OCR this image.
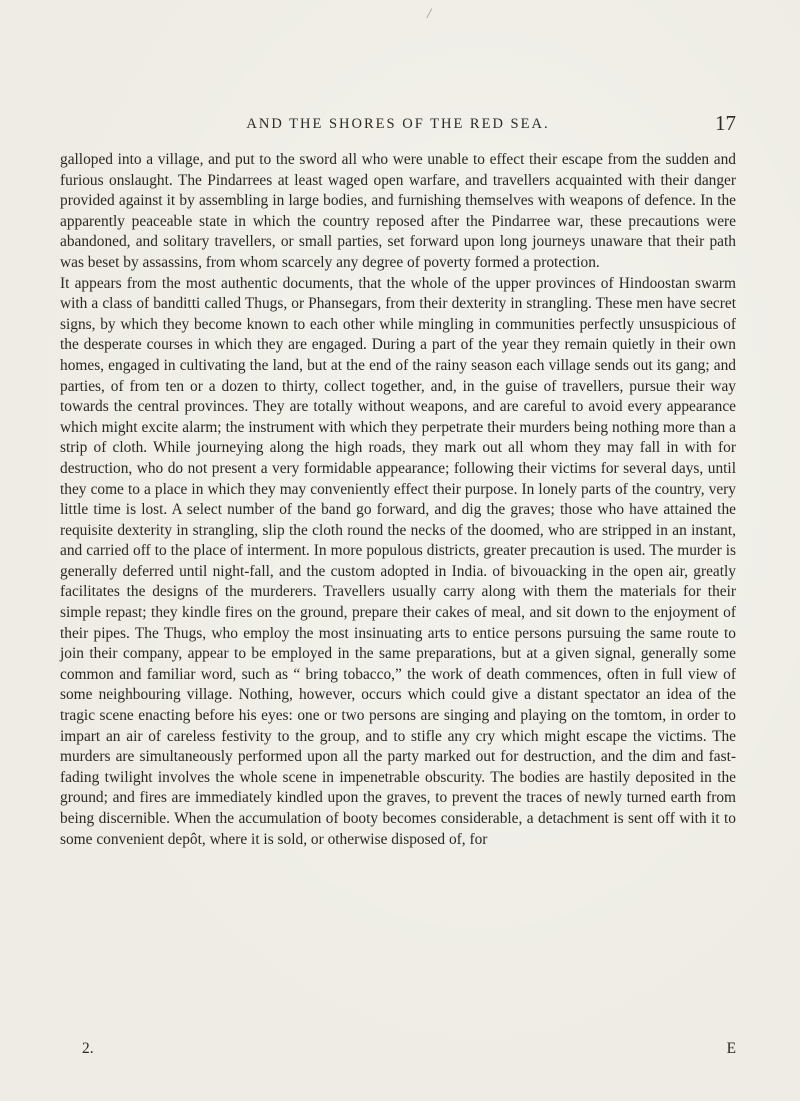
/
AND THE SHORES OF THE RED SEA.	17

galloped into a village, and put to the sword all who were unable to effect their escape from the sudden and furious onslaught. The Pindarrees at least waged open warfare, and travellers acquainted with their danger provided against it by assembling in large bodies, and furnishing themselves with weapons of defence. In the apparently peaceable state in which the country reposed after the Pindarree war, these precautions were abandoned, and solitary travellers, or small parties, set forward upon long journeys unaware that their path was beset by assassins, from whom scarcely any degree of poverty formed a protection.

It appears from the most authentic documents, that the whole of the upper provinces of Hindoostan swarm with a class of banditti called Thugs, or Phansegars, from their dexterity in strangling. These men have secret signs, by which they become known to each other while mingling in communities perfectly unsuspicious of the desperate courses in which they are engaged. During a part of the year they remain quietly in their own homes, engaged in cultivating the land, but at the end of the rainy season each village sends out its gang; and parties, of from ten or a dozen to thirty, collect together, and, in the guise of travellers, pursue their way towards the central provinces. They are totally without weapons, and are careful to avoid every appearance which might excite alarm; the instrument with which they perpetrate their murders being nothing more than a strip of cloth. While journeying along the high roads, they mark out all whom they may fall in with for destruction, who do not present a very formidable appearance; following their victims for several days, until they come to a place in which they may conveniently effect their purpose. In lonely parts of the country, very little time is lost. A select number of the band go forward, and dig the graves; those who have attained the requisite dexterity in strangling, slip the cloth round the necks of the doomed, who are stripped in an instant, and carried off to the place of interment. In more populous districts, greater precaution is used. The murder is generally deferred until night-fall, and the custom adopted in India. of bivouacking in the open air, greatly facilitates the designs of the murderers. Travellers usually carry along with them the materials for their simple repast; they kindle fires on the ground, prepare their cakes of meal, and sit down to the enjoyment of their pipes. The Thugs, who employ the most insinuating arts to entice persons pursuing the same route to join their company, appear to be employed in the same preparations, but at a given signal, generally some common and familiar word, such as “ bring tobacco,” the work of death commences, often in full view of some neighbouring village. Nothing, however, occurs which could give a distant spectator an idea of the tragic scene enacting before his eyes: one or two persons are singing and playing on the tomtom, in order to impart an air of careless festivity to the group, and to stifle any cry which might escape the victims. The murders are simultaneously performed upon all the party marked out for destruction, and the dim and fast-fading twilight involves the whole scene in impenetrable obscurity. The bodies are hastily deposited in the ground; and fires are immediately kindled upon the graves, to prevent the traces of newly turned earth from being discernible. When the accumulation of booty becomes considerable, a detachment is sent off with it to some convenient depôt, where it is sold, or otherwise disposed of, for

2.	E
